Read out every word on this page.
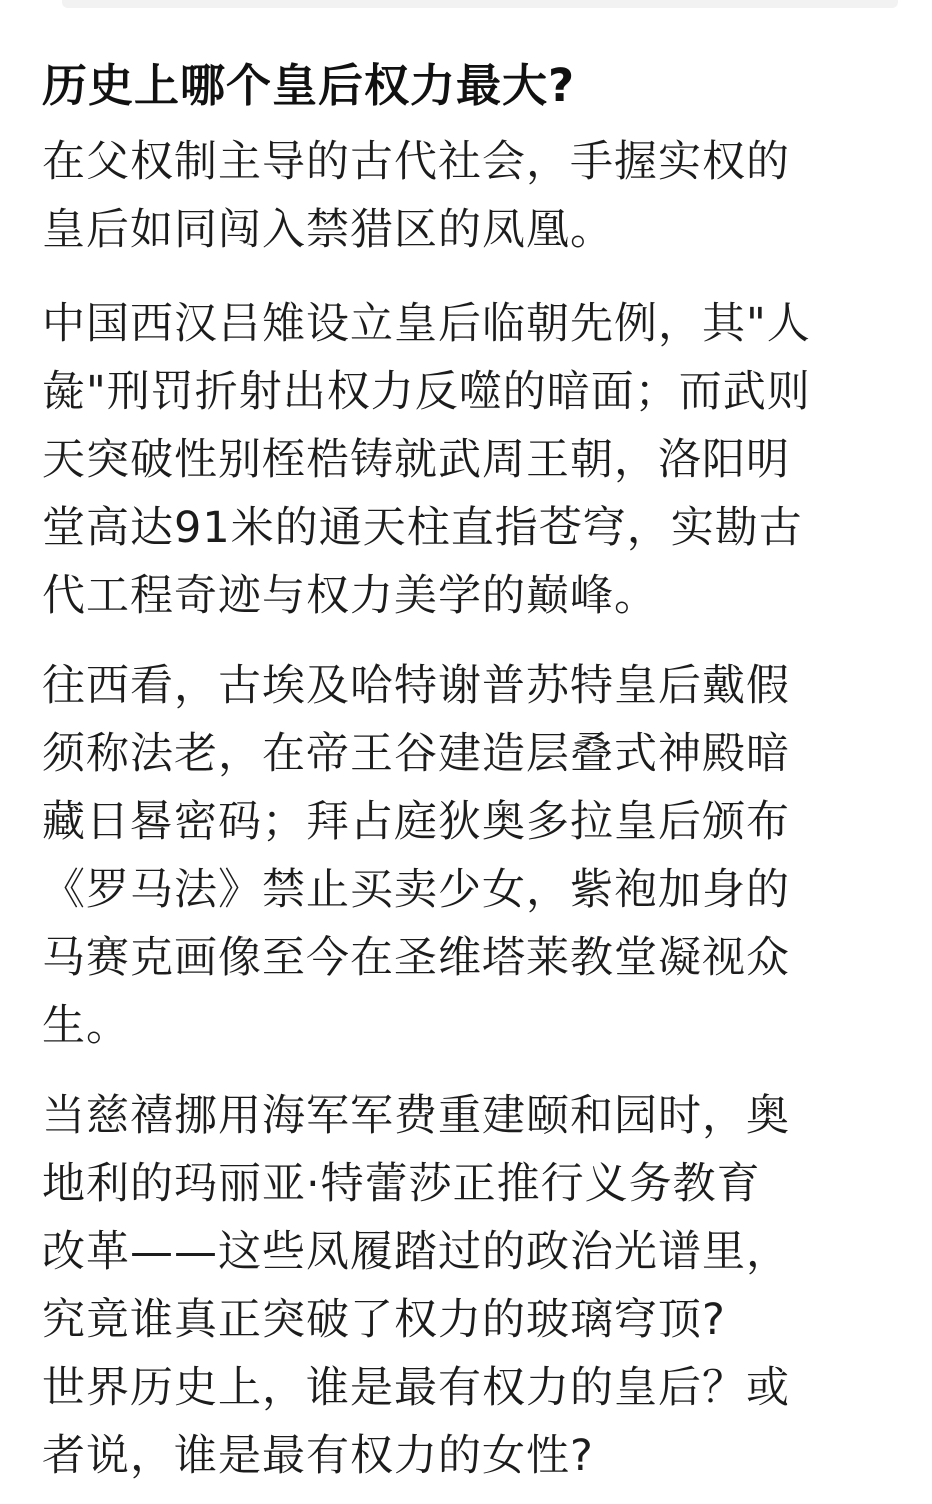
历史上哪个皇后权力最大?

在父权制主导的古代社会，手握实权的
皇后如同闯入禁猎区的凤凰。

中国西汉吕雉设立皇后临朝先例，其"人
彘"刑罚折射出权力反噬的暗面；而武则
天突破性别桎梏铸就武周王朝，洛阳明
堂高达91米的通天柱直指苍穹，实勘古
代工程奇迹与权力美学的巅峰。

往西看，古埃及哈特谢普苏特皇后戴假
须称法老，在帝王谷建造层叠式神殿暗
藏日晷密码；拜占庭狄奥多拉皇后颁布
《罗马法》禁止买卖少女，紫袍加身的
马赛克画像至今在圣维塔莱教堂凝视众
生。

当慈禧挪用海军军费重建颐和园时，奥
地利的玛丽亚·特蕾莎正推行义务教育
改革——这些凤履踏过的政治光谱里，
究竟谁真正突破了权力的玻璃穹顶?
世界历史上，谁是最有权力的皇后？或
者说，谁是最有权力的女性?
